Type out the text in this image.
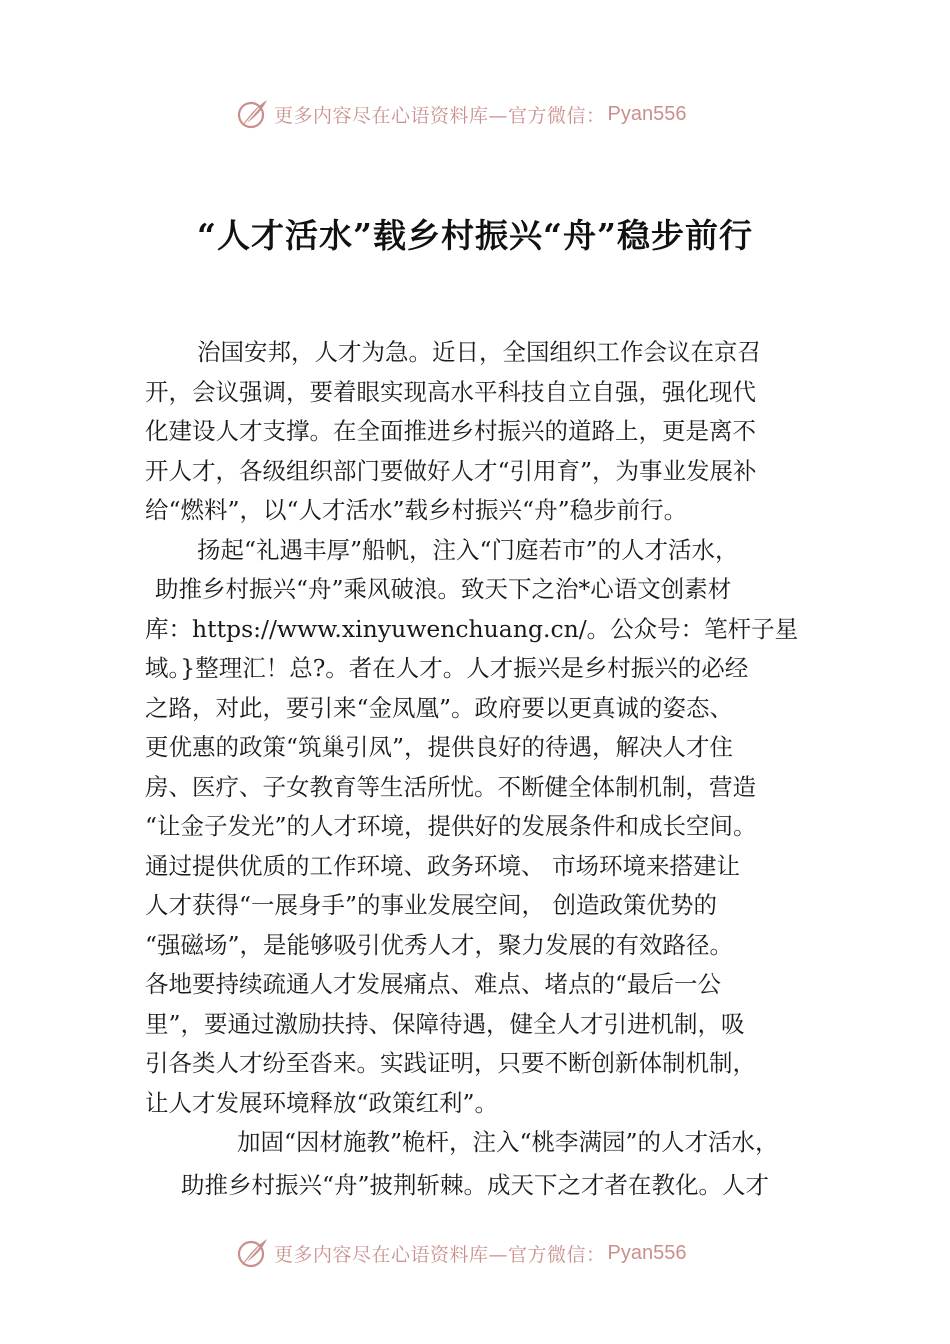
更多内容尽在心语资料库—官方微信： Pyan556
“人才活水”载乡村振兴“舟”稳步前行

治国安邦，人才为急。近日，全国组织工作会议在京召

开，会议强调，要着眼实现高水平科技自立自强，强化现代

化建设人才支撑。在全面推进乡村振兴的道路上，更是离不

开人才，各级组织部门要做好人才“引用育”，为事业发展补

给“燃料”，以“人才活水”载乡村振兴“舟”稳步前行。

扬起“礼遇丰厚”船帆，注入“门庭若市”的人才活水，

助推乡村振兴“舟”乘风破浪。致天下之治*心语文创素材

库：https://www.xinyuwenchuang.cn/。公众号：笔杆子星

域。}整理汇！总?。者在人才。人才振兴是乡村振兴的必经

之路，对此，要引来“金凤凰”。政府要以更真诚的姿态、

更优惠的政策“筑巢引凤”，提供良好的待遇，解决人才住

房、医疗、子女教育等生活所忧。不断健全体制机制，营造

“让金子发光”的人才环境，提供好的发展条件和成长空间。

通过提供优质的工作环境、政务环境、 市场环境来搭建让

人才获得“一展身手”的事业发展空间， 创造政策优势的

“强磁场”，是能够吸引优秀人才，聚力发展的有效路径。

各地要持续疏通人才发展痛点、难点、堵点的“最后一公

里”，要通过激励扶持、保障待遇，健全人才引进机制，吸

引各类人才纷至沓来。实践证明，只要不断创新体制机制，

让人才发展环境释放“政策红利”。

加固“因材施教”桅杆，注入“桃李满园”的人才活水，

助推乡村振兴“舟”披荆斩棘。成天下之才者在教化。人才

更多内容尽在心语资料库—官方微信： Pyan556
